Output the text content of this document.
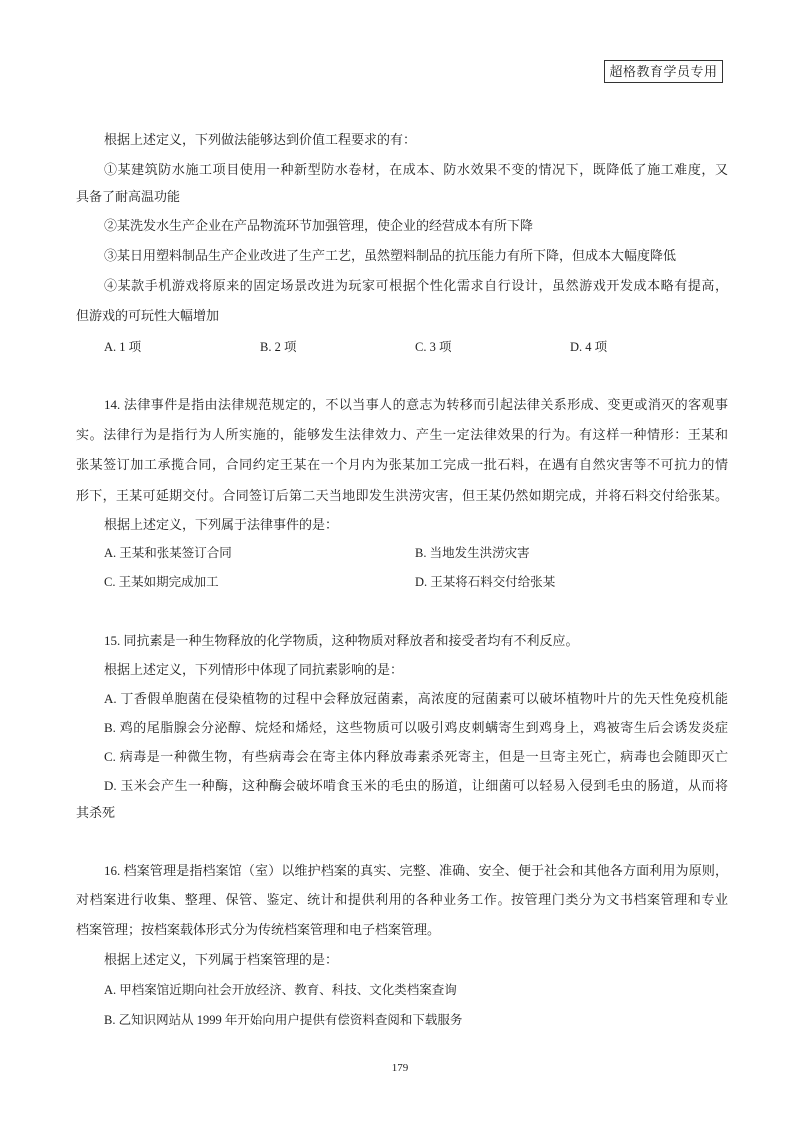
超格教育学员专用
根据上述定义，下列做法能够达到价值工程要求的有：
①某建筑防水施工项目使用一种新型防水卷材，在成本、防水效果不变的情况下，既降低了施工难度，又
具备了耐高温功能
②某洗发水生产企业在产品物流环节加强管理，使企业的经营成本有所下降
③某日用塑料制品生产企业改进了生产工艺，虽然塑料制品的抗压能力有所下降，但成本大幅度降低
④某款手机游戏将原来的固定场景改进为玩家可根据个性化需求自行设计，虽然游戏开发成本略有提高，
但游戏的可玩性大幅增加
A. 1 项	B. 2 项	C. 3 项	D. 4 项
14. 法律事件是指由法律规范规定的，不以当事人的意志为转移而引起法律关系形成、变更或消灭的客观事
实。法律行为是指行为人所实施的，能够发生法律效力、产生一定法律效果的行为。有这样一种情形：王某和
张某签订加工承揽合同，合同约定王某在一个月内为张某加工完成一批石料，在遇有自然灾害等不可抗力的情
形下，王某可延期交付。合同签订后第二天当地即发生洪涝灾害，但王某仍然如期完成，并将石料交付给张某。
根据上述定义，下列属于法律事件的是：
A. 王某和张某签订合同	B. 当地发生洪涝灾害
C. 王某如期完成加工	D. 王某将石料交付给张某
15. 同抗素是一种生物释放的化学物质，这种物质对释放者和接受者均有不利反应。
根据上述定义，下列情形中体现了同抗素影响的是：
A. 丁香假单胞菌在侵染植物的过程中会释放冠菌素，高浓度的冠菌素可以破坏植物叶片的先天性免疫机能
B. 鸡的尾脂腺会分泌醇、烷烃和烯烃，这些物质可以吸引鸡皮刺螨寄生到鸡身上，鸡被寄生后会诱发炎症
C. 病毒是一种微生物，有些病毒会在寄主体内释放毒素杀死寄主，但是一旦寄主死亡，病毒也会随即灭亡
D. 玉米会产生一种酶，这种酶会破坏啃食玉米的毛虫的肠道，让细菌可以轻易入侵到毛虫的肠道，从而将
其杀死
16. 档案管理是指档案馆（室）以维护档案的真实、完整、准确、安全、便于社会和其他各方面利用为原则，
对档案进行收集、整理、保管、鉴定、统计和提供利用的各种业务工作。按管理门类分为文书档案管理和专业
档案管理；按档案载体形式分为传统档案管理和电子档案管理。
根据上述定义，下列属于档案管理的是：
A. 甲档案馆近期向社会开放经济、教育、科技、文化类档案查询
B. 乙知识网站从 1999 年开始向用户提供有偿资料查阅和下载服务
179
